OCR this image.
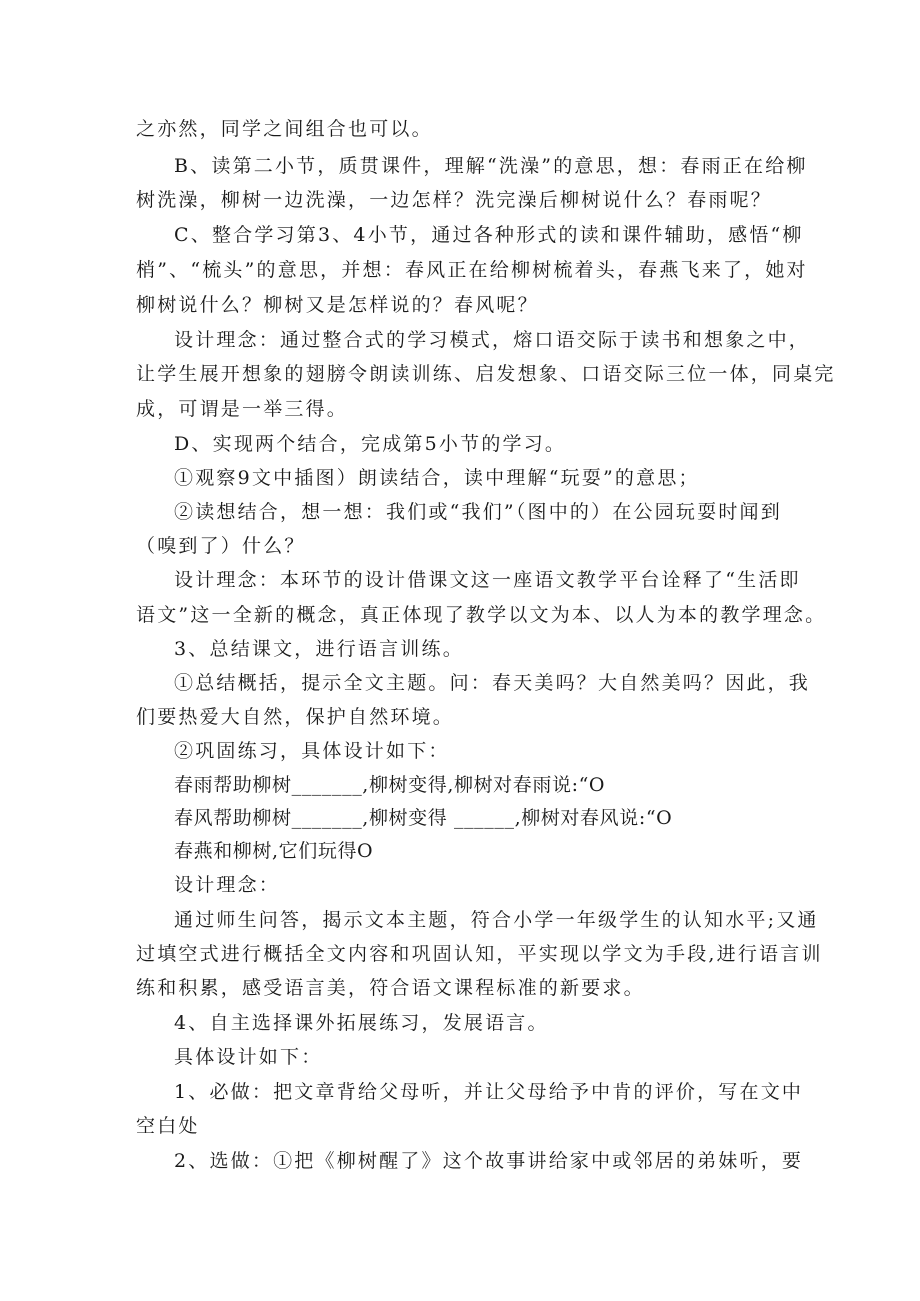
之亦然，同学之间组合也可以。
B、读第二小节，质贯课件，理解“洗澡”的意思，想：春雨正在给柳
树洗澡，柳树一边洗澡，一边怎样？洗完澡后柳树说什么？春雨呢？
C、整合学习第3、4小节，通过各种形式的读和课件辅助，感悟“柳
梢”、“梳头”的意思，并想：春风正在给柳树梳着头，春燕飞来了，她对
柳树说什么？柳树又是怎样说的？春风呢？
设计理念：通过整合式的学习模式，熔口语交际于读书和想象之中，
让学生展开想象的翅膀令朗读训练、启发想象、口语交际三位一体，同桌完
成，可谓是一举三得。
D、实现两个结合，完成第5小节的学习。
①观察9文中插图）朗读结合，读中理解“玩耍”的意思；
②读想结合，想一想：我们或“我们”（图中的）在公园玩耍时闻到
（嗅到了）什么？
设计理念：本环节的设计借课文这一座语文教学平台诠释了“生活即
语文”这一全新的概念，真正体现了教学以文为本、以人为本的教学理念。
3、总结课文，进行语言训练。
①总结概括，提示全文主题。问：春天美吗？大自然美吗？因此，我
们要热爱大自然，保护自然环境。
②巩固练习，具体设计如下：
春雨帮助柳树_______,柳树变得,柳树对春雨说:“O
春风帮助柳树_______,柳树变得 ______,柳树对春风说:“O
春燕和柳树,它们玩得O
设计理念：
通过师生问答，揭示文本主题，符合小学一年级学生的认知水平;又通
过填空式进行概括全文内容和巩固认知，平实现以学文为手段,进行语言训
练和积累，感受语言美，符合语文课程标准的新要求。
4、自主选择课外拓展练习，发展语言。
具体设计如下：
1、必做：把文章背给父母听，并让父母给予中肯的评价，写在文中
空白处
2、选做：①把《柳树醒了》这个故事讲给家中或邻居的弟妹听，要
